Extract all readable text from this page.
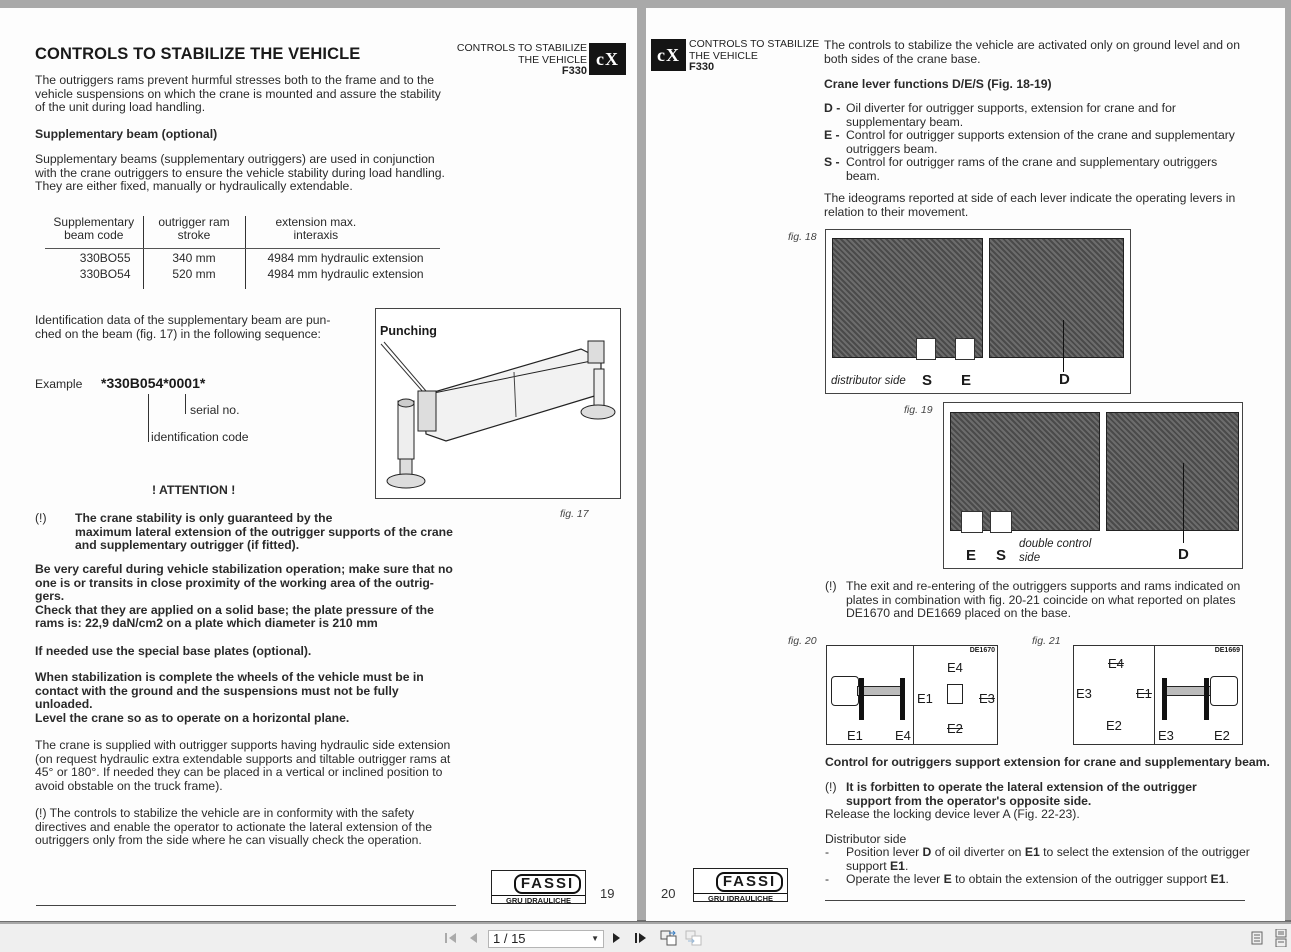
CONTROLS TO STABILIZE THE VEHICLE	CONTROLS TO STABILIZE
THE VEHICLE
F330
cX
The outriggers rams prevent hurmful stresses both to the frame and to the
vehicle suspensions on which the crane is mounted and assure the stability
of the unit during load handling.
Supplementary beam (optional)
Supplementary beams (supplementary outriggers) are used in conjunction
with the crane outriggers to ensure the vehicle stability during load handling.
They are either fixed, manually or hydraulically extendable.
Supplementary
beam code

outrigger ram
stroke

extension max.
interaxis

330BO55	340 mm	4984 mm hydraulic extension
330BO54	520 mm	4984 mm hydraulic extension
Identification data of the supplementary beam are pun-
ched on the beam (fig. 17) in the following sequence:
Example *330B054*0001*
serial no.
identification code
Punching
fig. 17
! ATTENTION !
(!) The crane stability is only guaranteed by the
maximum lateral extension of the outrigger supports of the crane
and supplementary outrigger (if fitted).
Be very careful during vehicle stabilization operation; make sure that no
one is or transits in close proximity of the working area of the outrig-
gers.
Check that they are applied on a solid base; the plate pressure of the
rams is: 22,9 daN/cm2 on a plate which diameter is 210 mm
If needed use the special base plates (optional).
When stabilization is complete the wheels of the vehicle must be in
contact with the ground and the suspensions must not be fully
unloaded.
Level the crane so as to operate on a horizontal plane.
The crane is supplied with outrigger supports having hydraulic side extension
(on request hydraulic extra extendable supports and tiltable outrigger rams at
45° or 180°. If needed they can be placed in a vertical or inclined position to
avoid obstable on the truck frame).
(!) The controls to stabilize the vehicle are in conformity with the safety
directives and enable the operator to actionate the lateral extension of the
outriggers only from the side where he can visually check the operation.
FASSI
GRU IDRAULICHE	19
cX
CONTROLS TO STABILIZE
THE VEHICLE
F330
The controls to stabilize the vehicle are activated only on ground level and on
both sides of the crane base.
Crane lever functions D/E/S (Fig. 18-19)
D - Oil diverter for outrigger supports, extension for crane and for
supplementary beam.
E - Control for outrigger supports extension of the crane and supplementary
outriggers beam.
S - Control for outrigger rams of the crane and supplementary outriggers
beam.
The ideograms reported at side of each lever indicate the operating levers in
relation to their movement.
fig. 18
distributor side S E	D
fig. 19
E S
double control
side	D
(!) The exit and re-entering of the outriggers supports and rams indicated on
plates in combination with fig. 20-21 coincide on what reported on plates
DE1670 and DE1669 placed on the base.
fig. 20
DE1670
E1 E4
E4
E1	E3
E2
fig. 21
DE1669
E4
E3	E1
E2
E3	E2
Control for outriggers support extension for crane and supplementary beam.
(!) It is forbitten to operate the lateral extension of the outrigger
support from the operator's opposite side.
Release the locking device lever A (Fig. 22-23).
Distributor side
-	Position lever D of oil diverter on E1 to select the extension of the outrigger
support E1.
-	Operate the lever E to obtain the extension of the outrigger support E1.
20
FASSI
GRU IDRAULICHE
1 / 15	▼
